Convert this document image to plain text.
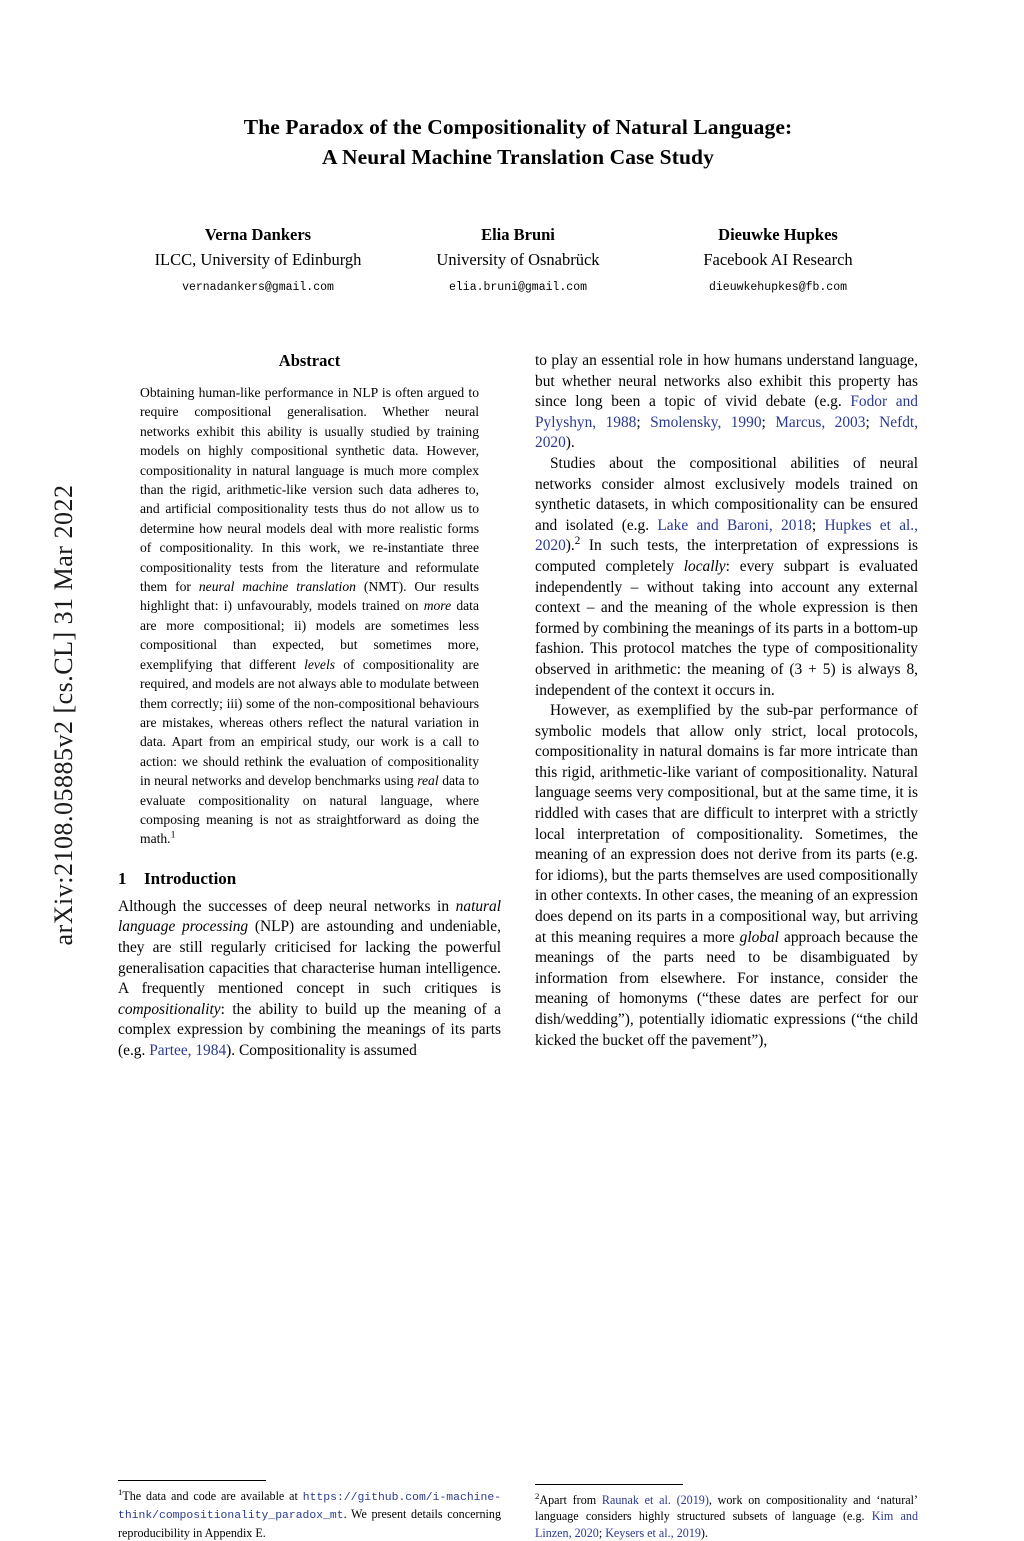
arXiv:2108.05885v2 [cs.CL] 31 Mar 2022
The Paradox of the Compositionality of Natural Language:
A Neural Machine Translation Case Study
Verna Dankers
ILCC, University of Edinburgh
vernadankers@gmail.com
Elia Bruni
University of Osnabrück
elia.bruni@gmail.com
Dieuwke Hupkes
Facebook AI Research
dieuwkehupkes@fb.com
Abstract
Obtaining human-like performance in NLP is often argued to require compositional generalisation. Whether neural networks exhibit this ability is usually studied by training models on highly compositional synthetic data. However, compositionality in natural language is much more complex than the rigid, arithmetic-like version such data adheres to, and artificial compositionality tests thus do not allow us to determine how neural models deal with more realistic forms of compositionality. In this work, we re-instantiate three compositionality tests from the literature and reformulate them for neural machine translation (NMT). Our results highlight that: i) unfavourably, models trained on more data are more compositional; ii) models are sometimes less compositional than expected, but sometimes more, exemplifying that different levels of compositionality are required, and models are not always able to modulate between them correctly; iii) some of the non-compositional behaviours are mistakes, whereas others reflect the natural variation in data. Apart from an empirical study, our work is a call to action: we should rethink the evaluation of compositionality in neural networks and develop benchmarks using real data to evaluate compositionality on natural language, where composing meaning is not as straightforward as doing the math.$^1$
1 Introduction

Although the successes of deep neural networks in natural language processing (NLP) are astounding and undeniable, they are still regularly criticised for lacking the powerful generalisation capacities that characterise human intelligence. A frequently mentioned concept in such critiques is compositionality: the ability to build up the meaning of a complex expression by combining the meanings of its parts (e.g. Partee, 1984). Compositionality is assumed

$^1$The data and code are available at https://github.com/i-machine-think/compositionality_paradox_mt. We present details concerning reproducibility in Appendix E.

to play an essential role in how humans understand language, but whether neural networks also exhibit this property has since long been a topic of vivid debate (e.g. Fodor and Pylyshyn, 1988; Smolensky, 1990; Marcus, 2003; Nefdt, 2020).

Studies about the compositional abilities of neural networks consider almost exclusively models trained on synthetic datasets, in which compositionality can be ensured and isolated (e.g. Lake and Baroni, 2018; Hupkes et al., 2020).$^2$ In such tests, the interpretation of expressions is computed completely locally: every subpart is evaluated independently – without taking into account any external context – and the meaning of the whole expression is then formed by combining the meanings of its parts in a bottom-up fashion. This protocol matches the type of compositionality observed in arithmetic: the meaning of (3 + 5) is always 8, independent of the context it occurs in.

However, as exemplified by the sub-par performance of symbolic models that allow only strict, local protocols, compositionality in natural domains is far more intricate than this rigid, arithmetic-like variant of compositionality. Natural language seems very compositional, but at the same time, it is riddled with cases that are difficult to interpret with a strictly local interpretation of compositionality. Sometimes, the meaning of an expression does not derive from its parts (e.g. for idioms), but the parts themselves are used compositionally in other contexts. In other cases, the meaning of an expression does depend on its parts in a compositional way, but arriving at this meaning requires a more global approach because the meanings of the parts need to be disambiguated by information from elsewhere. For instance, consider the meaning of homonyms (“these dates are perfect for our dish/wedding”), potentially idiomatic expressions (“the child kicked the bucket off the pavement”),

$^2$Apart from Raunak et al. (2019), work on compositionality and ‘natural’ language considers highly structured subsets of language (e.g. Kim and Linzen, 2020; Keysers et al., 2019).
